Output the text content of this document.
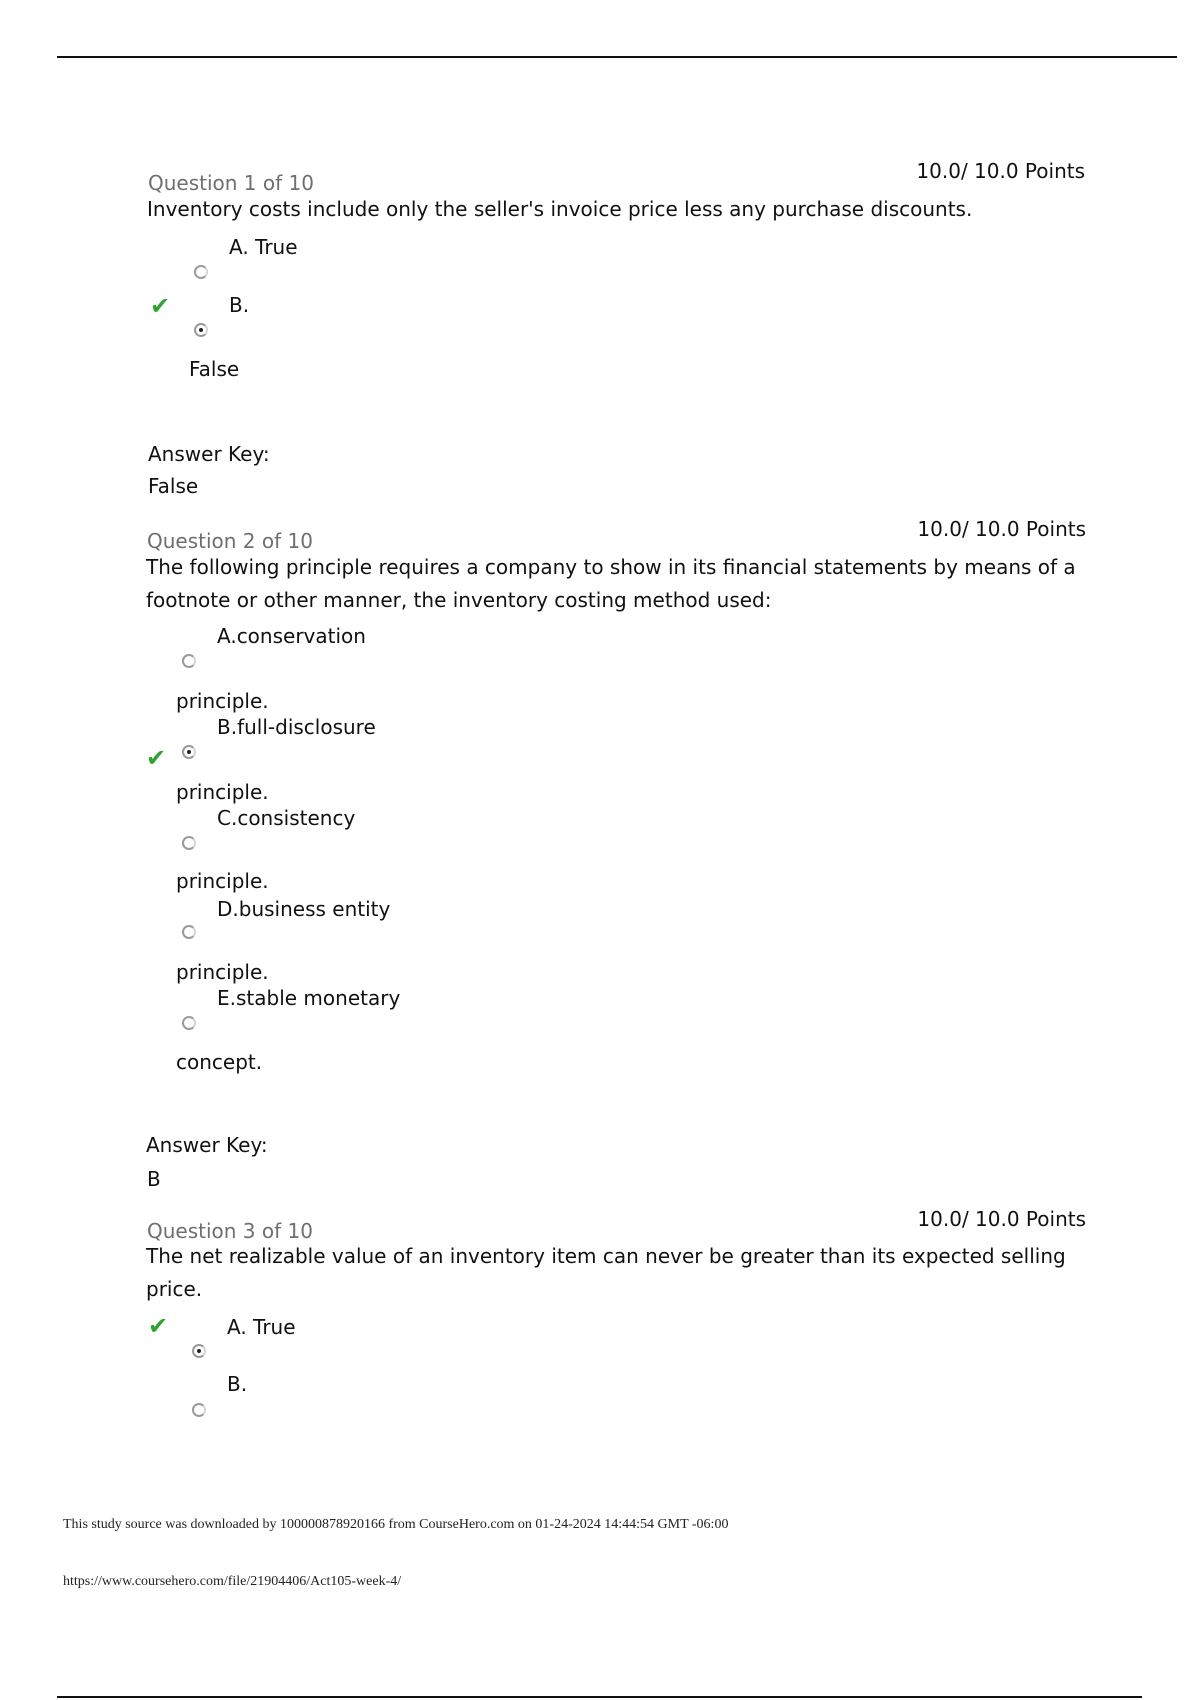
Question 1 of 10	10.0/ 10.0 Points
Inventory costs include only the seller's invoice price less any purchase discounts.
A. True
✔	B.
False
Answer Key:
False
Question 2 of 10	10.0/ 10.0 Points
The following principle requires a company to show in its financial statements by means of a footnote or other manner, the inventory costing method used:
A.conservation
principle.
B.full-disclosure
✔
principle.
C.consistency
principle.
D.business entity
principle.
E.stable monetary
concept.
Answer Key:
B
Question 3 of 10	10.0/ 10.0 Points
The net realizable value of an inventory item can never be greater than its expected selling price.
✔	A. True
B.
This study source was downloaded by 100000878920166 from CourseHero.com on 01-24-2024 14:44:54 GMT -06:00
https://www.coursehero.com/file/21904406/Act105-week-4/
